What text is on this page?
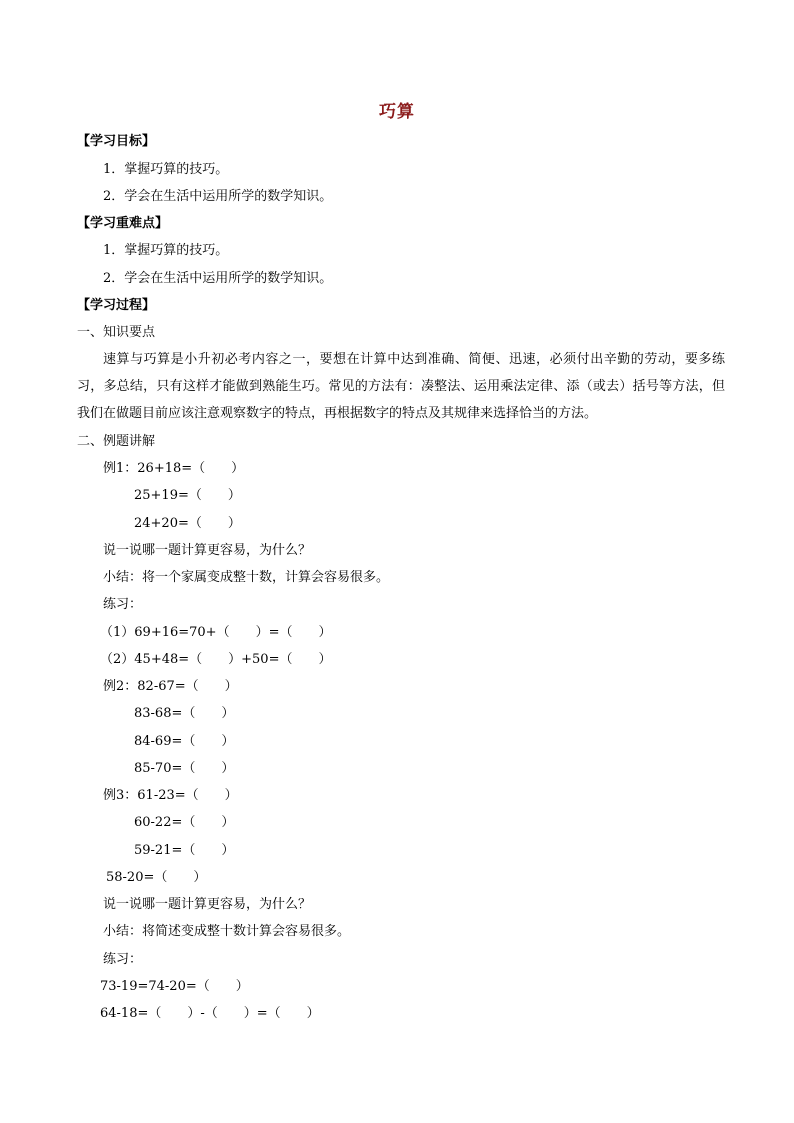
巧算
【学习目标】
1．掌握巧算的技巧。
2．学会在生活中运用所学的数学知识。
【学习重难点】
1．掌握巧算的技巧。
2．学会在生活中运用所学的数学知识。
【学习过程】
一、知识要点
速算与巧算是小升初必考内容之一，要想在计算中达到准确、简便、迅速，必须付出辛勤的劳动，要多练习，多总结，只有这样才能做到熟能生巧。常见的方法有：凑整法、运用乘法定律、添（或去）括号等方法，但我们在做题目前应该注意观察数字的特点，再根据数字的特点及其规律来选择恰当的方法。
二、例题讲解
例1：26+18=（　　）
25+19=（　　）
24+20=（　　）
说一说哪一题计算更容易，为什么？
小结：将一个家属变成整十数，计算会容易很多。
练习：
（1）69+16=70+（　　）=（　　）
（2）45+48=（　　）+50=（　　）
例2：82-67=（　　）
83-68=（　　）
84-69=（　　）
85-70=（　　）
例3：61-23=（　　）
60-22=（　　）
59-21=（　　）
58-20=（　　）
说一说哪一题计算更容易，为什么？
小结：将简述变成整十数计算会容易很多。
练习：
73-19=74-20=（　　）
64-18=（　　）-（　　）=（　　）
